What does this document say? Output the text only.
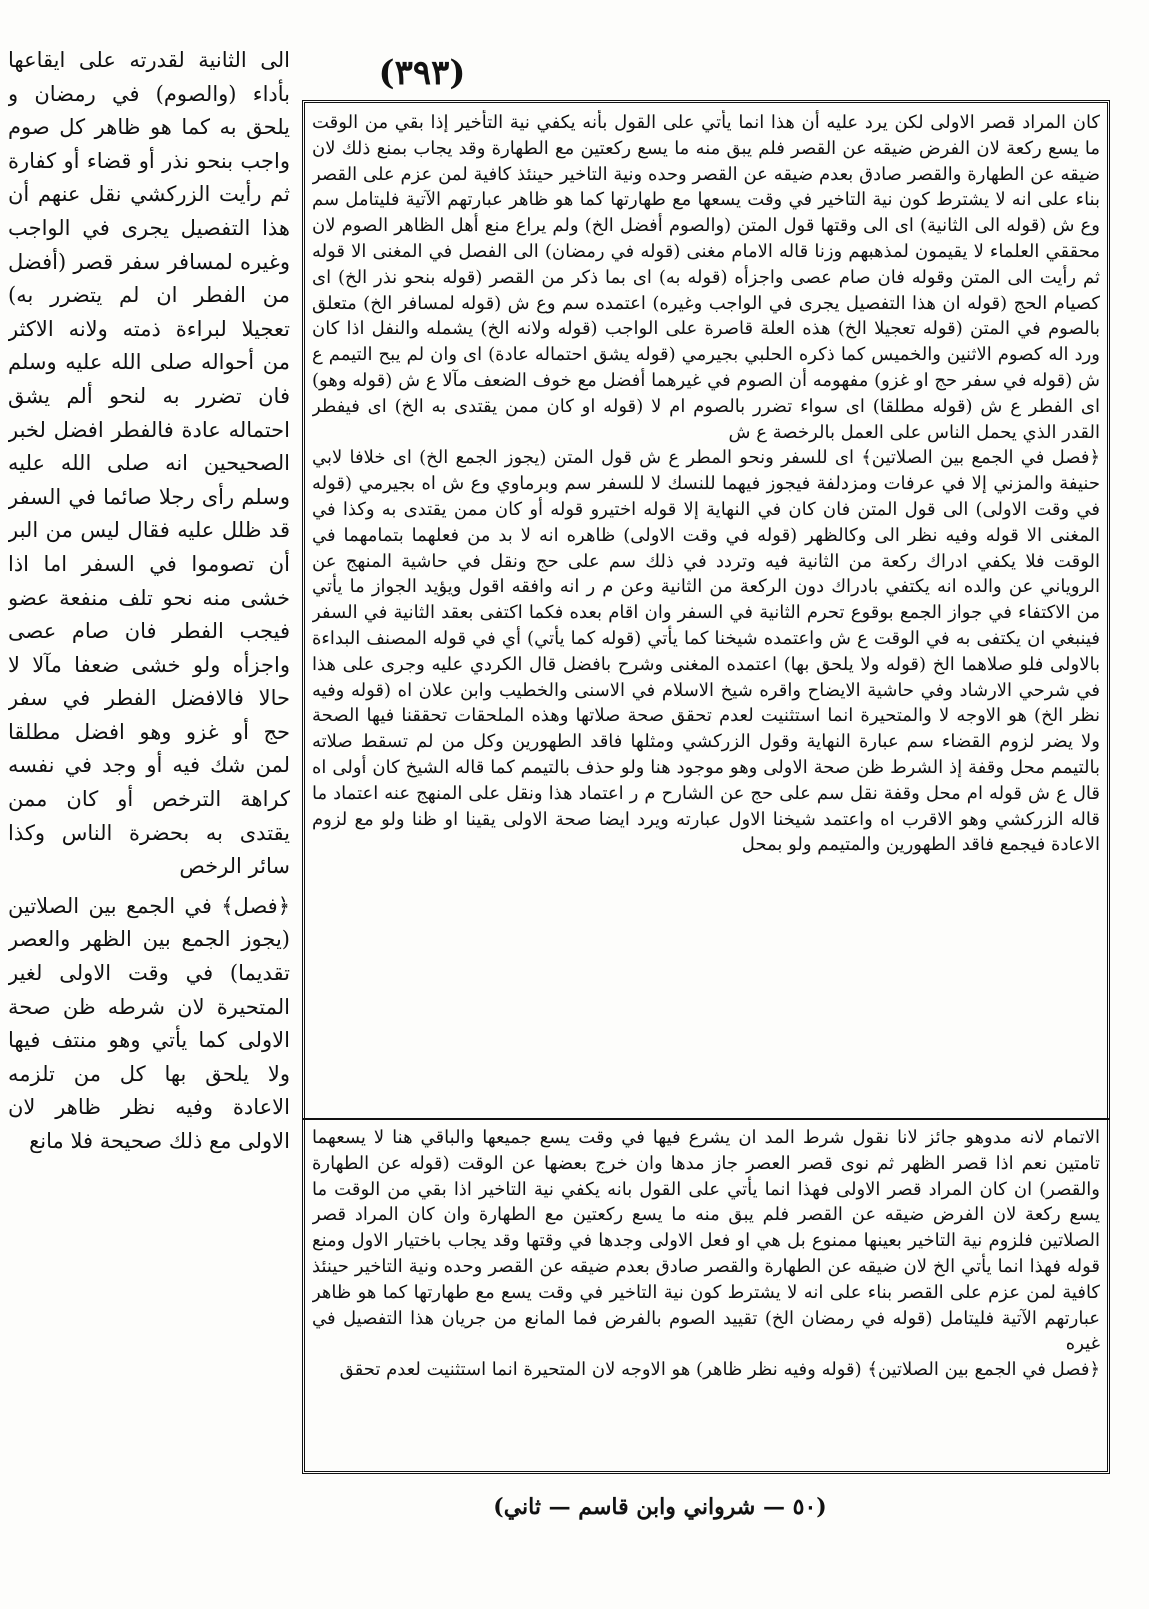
(٣٩٣)

الى الثانية لقدرته على ايقاعها بأداء (والصوم) في رمضان و يلحق به كما هو ظاهر كل صوم واجب بنحو نذر أو قضاء أو كفارة ثم رأيت الزركشي نقل عنهم أن هذا التفصيل يجرى في الواجب وغيره لمسافر سفر قصر (أفضل من الفطر ان لم يتضرر به) تعجيلا لبراءة ذمته ولانه الاكثر من أحواله صلى الله عليه وسلم فان تضرر به لنحو ألم يشق احتماله عادة فالفطر افضل لخبر الصحيحين انه صلى الله عليه وسلم رأى رجلا صائما في السفر قد ظلل عليه فقال ليس من البر أن تصوموا في السفر اما اذا خشى منه نحو تلف منفعة عضو فيجب الفطر فان صام عصى واجزأه ولو خشى ضعفا مآلا لا حالا فالافضل الفطر في سفر حج أو غزو وهو افضل مطلقا لمن شك فيه أو وجد في نفسه كراهة الترخص أو كان ممن يقتدى به بحضرة الناس وكذا سائر الرخص

﴿فصل﴾ في الجمع بين الصلاتين (يجوز الجمع بين الظهر والعصر تقديما) في وقت الاولى لغير المتحيرة لان شرطه ظن صحة الاولى كما يأتي وهو منتف فيها ولا يلحق بها كل من تلزمه الاعادة وفيه نظر ظاهر لان الاولى مع ذلك صحيحة فلا مانع

كان المراد قصر الاولى لكن يرد عليه أن هذا انما يأتي على القول بأنه يكفي نية التأخير إذا بقي من الوقت ما يسع ركعة لان الفرض ضيقه عن القصر فلم يبق منه ما يسع ركعتين مع الطهارة وقد يجاب بمنع ذلك لان ضيقه عن الطهارة والقصر صادق بعدم ضيقه عن القصر وحده ونية التاخير حينئذ كافية لمن عزم على القصر بناء على انه لا يشترط كون نية التاخير في وقت يسعها مع طهارتها كما هو ظاهر عبارتهم الآتية فليتامل سم وع ش (قوله الى الثانية) اى الى وقتها قول المتن (والصوم أفضل الخ) ولم يراع منع أهل الظاهر الصوم لان محققي العلماء لا يقيمون لمذهبهم وزنا قاله الامام مغنى (قوله في رمضان) الى الفصل في المغنى الا قوله ثم رأيت الى المتن وقوله فان صام عصى واجزأه (قوله به) اى بما ذكر من القصر (قوله بنحو نذر الخ) اى كصيام الحج (قوله ان هذا التفصيل يجرى في الواجب وغيره) اعتمده سم وع ش (قوله لمسافر الخ) متعلق بالصوم في المتن (قوله تعجيلا الخ) هذه العلة قاصرة على الواجب (قوله ولانه الخ) يشمله والنفل اذا كان ورد اله كصوم الاثنين والخميس كما ذكره الحلبي بجيرمي (قوله يشق احتماله عادة) اى وان لم يبح التيمم ع ش (قوله في سفر حج او غزو) مفهومه أن الصوم في غيرهما أفضل مع خوف الضعف مآلا ع ش (قوله وهو) اى الفطر ع ش (قوله مطلقا) اى سواء تضرر بالصوم ام لا (قوله او كان ممن يقتدى به الخ) اى فيفطر القدر الذي يحمل الناس على العمل بالرخصة ع ش

﴿فصل في الجمع بين الصلاتين﴾ اى للسفر ونحو المطر ع ش قول المتن (يجوز الجمع الخ) اى خلافا لابي حنيفة والمزني إلا في عرفات ومزدلفة فيجوز فيهما للنسك لا للسفر سم وبرماوي وع ش اه بجيرمي (قوله في وقت الاولى) الى قول المتن فان كان في النهاية إلا قوله اختيرو قوله أو كان ممن يقتدى به وكذا في المغنى الا قوله وفيه نظر الى وكالظهر (قوله في وقت الاولى) ظاهره انه لا بد من فعلهما بتمامهما في الوقت فلا يكفي ادراك ركعة من الثانية فيه وتردد في ذلك سم على حج ونقل في حاشية المنهج عن الروياني عن والده انه يكتفي بادراك دون الركعة من الثانية وعن م ر انه وافقه اقول ويؤيد الجواز ما يأتي من الاكتفاء في جواز الجمع بوقوع تحرم الثانية في السفر وان اقام بعده فكما اكتفى بعقد الثانية في السفر فينبغي ان يكتفى به في الوقت ع ش واعتمده شيخنا كما يأتي (قوله كما يأتي) أي في قوله المصنف البداءة بالاولى فلو صلاهما الخ (قوله ولا يلحق بها) اعتمده المغنى وشرح بافضل قال الكردي عليه وجرى على هذا في شرحي الارشاد وفي حاشية الايضاح واقره شيخ الاسلام في الاسنى والخطيب وابن علان اه (قوله وفيه نظر الخ) هو الاوجه لا والمتحيرة انما استثنيت لعدم تحقق صحة صلاتها وهذه الملحقات تحققنا فيها الصحة ولا يضر لزوم القضاء سم عبارة النهاية وقول الزركشي ومثلها فاقد الطهورين وكل من لم تسقط صلاته بالتيمم محل وقفة إذ الشرط ظن صحة الاولى وهو موجود هنا ولو حذف بالتيمم كما قاله الشيخ كان أولى اه قال ع ش قوله ام محل وقفة نقل سم على حج عن الشارح م ر اعتماد هذا ونقل على المنهج عنه اعتماد ما قاله الزركشي وهو الاقرب اه واعتمد شيخنا الاول عبارته ويرد ايضا صحة الاولى يقينا او ظنا ولو مع لزوم الاعادة فيجمع فاقد الطهورين والمتيمم ولو بمحل

الاتمام لانه مدوهو جائز لانا نقول شرط المد ان يشرع فيها في وقت يسع جميعها والباقي هنا لا يسعهما تامتين نعم اذا قصر الظهر ثم نوى قصر العصر جاز مدها وان خرج بعضها عن الوقت (قوله عن الطهارة والقصر) ان كان المراد قصر الاولى فهذا انما يأتي على القول بانه يكفي نية التاخير اذا بقي من الوقت ما يسع ركعة لان الفرض ضيقه عن القصر فلم يبق منه ما يسع ركعتين مع الطهارة وان كان المراد قصر الصلاتين فلزوم نية التاخير بعينها ممنوع بل هي او فعل الاولى وجدها في وقتها وقد يجاب باختيار الاول ومنع قوله فهذا انما يأتي الخ لان ضيقه عن الطهارة والقصر صادق بعدم ضيقه عن القصر وحده ونية التاخير حينئذ كافية لمن عزم على القصر بناء على انه لا يشترط كون نية التاخير في وقت يسع مع طهارتها كما هو ظاهر عبارتهم الآتية فليتامل (قوله في رمضان الخ) تقييد الصوم بالفرض فما المانع من جريان هذا التفصيل في غيره

﴿فصل في الجمع بين الصلاتين﴾ (قوله وفيه نظر ظاهر) هو الاوجه لان المتحيرة انما استثنيت لعدم تحقق

(٥٠ — شرواني وابن قاسم — ثاني)
